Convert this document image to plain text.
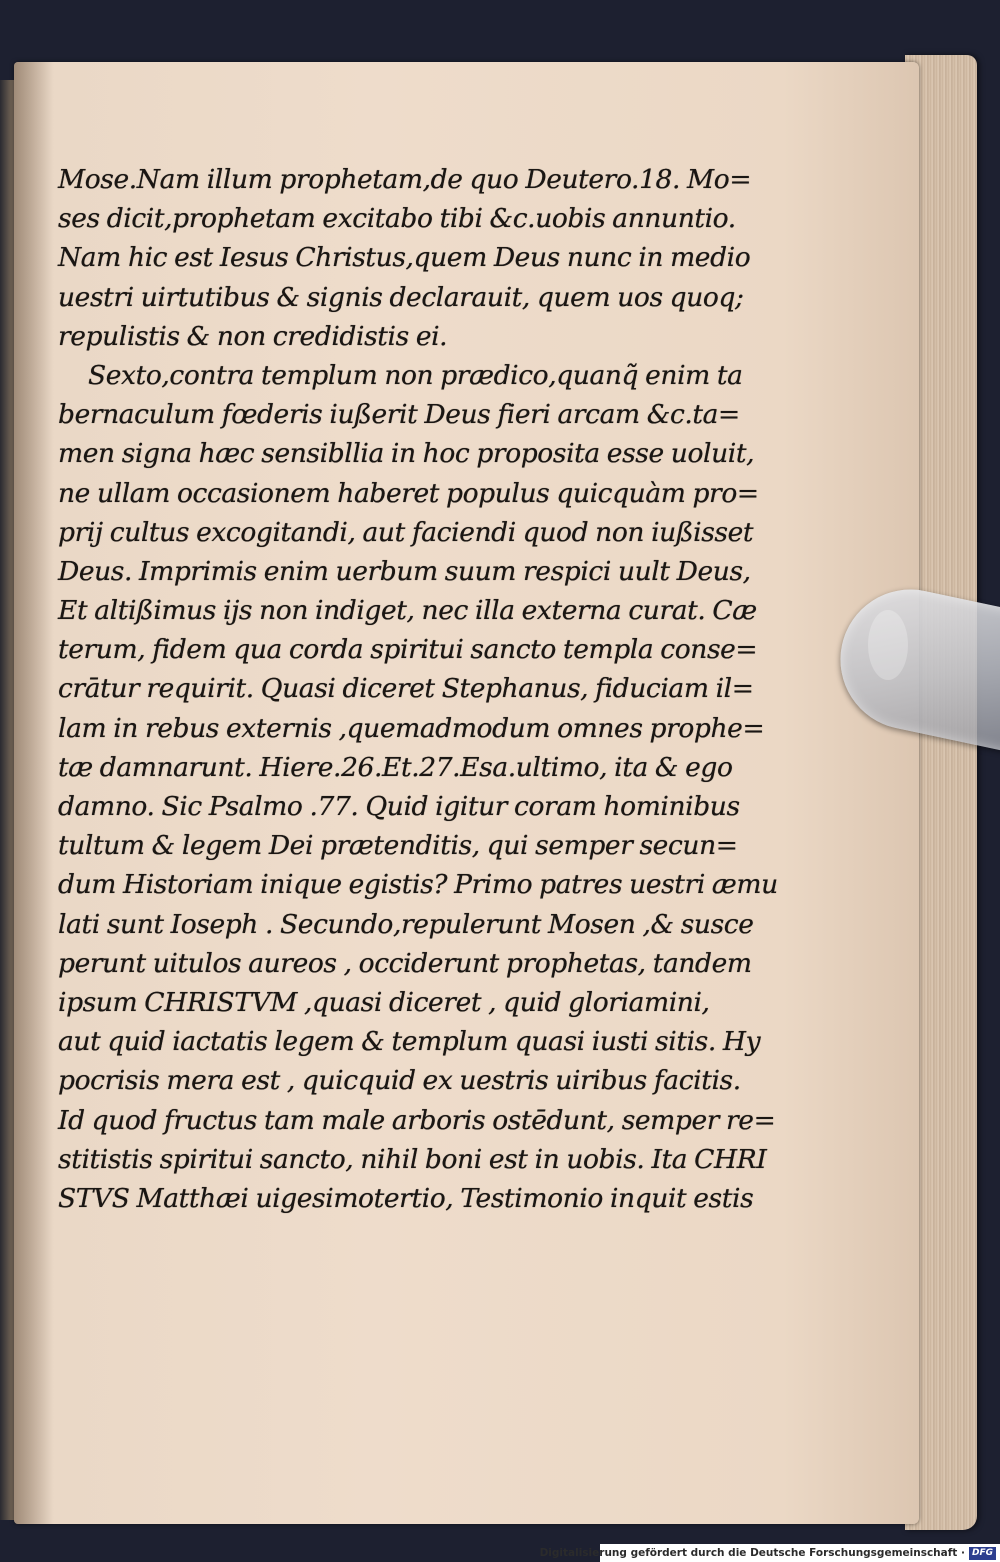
Mose.Nam illum prophetam,de quo Deutero.18. Mo=
ses dicit,prophetam excitabo tibi &c.uobis annuntio.
Nam hic est Iesus Christus,quem Deus nunc in medio
uestri uirtutibus & signis declarauit, quem uos quoq;
repulistis & non credidistis ei.
Sexto,contra templum non prædico,quanq̃ enim ta
bernaculum fœderis iußerit Deus fieri arcam &c.ta=
men signa hæc sensibllia in hoc proposita esse uoluit,
ne ullam occasionem haberet populus quicquàm pro=
prij cultus excogitandi, aut faciendi quod non iußisset
Deus. Imprimis enim uerbum suum respici uult Deus,
Et altißimus ijs non indiget, nec illa externa curat. Cæ
terum, fidem qua corda spiritui sancto templa conse=
crātur requirit. Quasi diceret Stephanus, fiduciam il=
lam in rebus externis ,quemadmodum omnes prophe=
tæ damnarunt. Hiere.26.Et.27.Esa.ultimo, ita & ego
damno. Sic Psalmo .77. Quid igitur coram hominibus
tultum & legem Dei prætenditis, qui semper secun=
dum Historiam inique egistis? Primo patres uestri æmu
lati sunt Ioseph . Secundo,repulerunt Mosen ,& susce
perunt uitulos aureos , occiderunt prophetas, tandem
ipsum CHRISTVM ,quasi diceret , quid gloriamini,
aut quid iactatis legem & templum quasi iusti sitis. Hy
pocrisis mera est , quicquid ex uestris uiribus facitis.
Id quod fructus tam male arboris ostēdunt, semper re=
stitistis spiritui sancto, nihil boni est in uobis. Ita CHRI
STVS Matthæi uigesimotertio, Testimonio inquit estis
Digitalisierung gefördert durch die Deutsche Forschungsgemeinschaft · DFG
